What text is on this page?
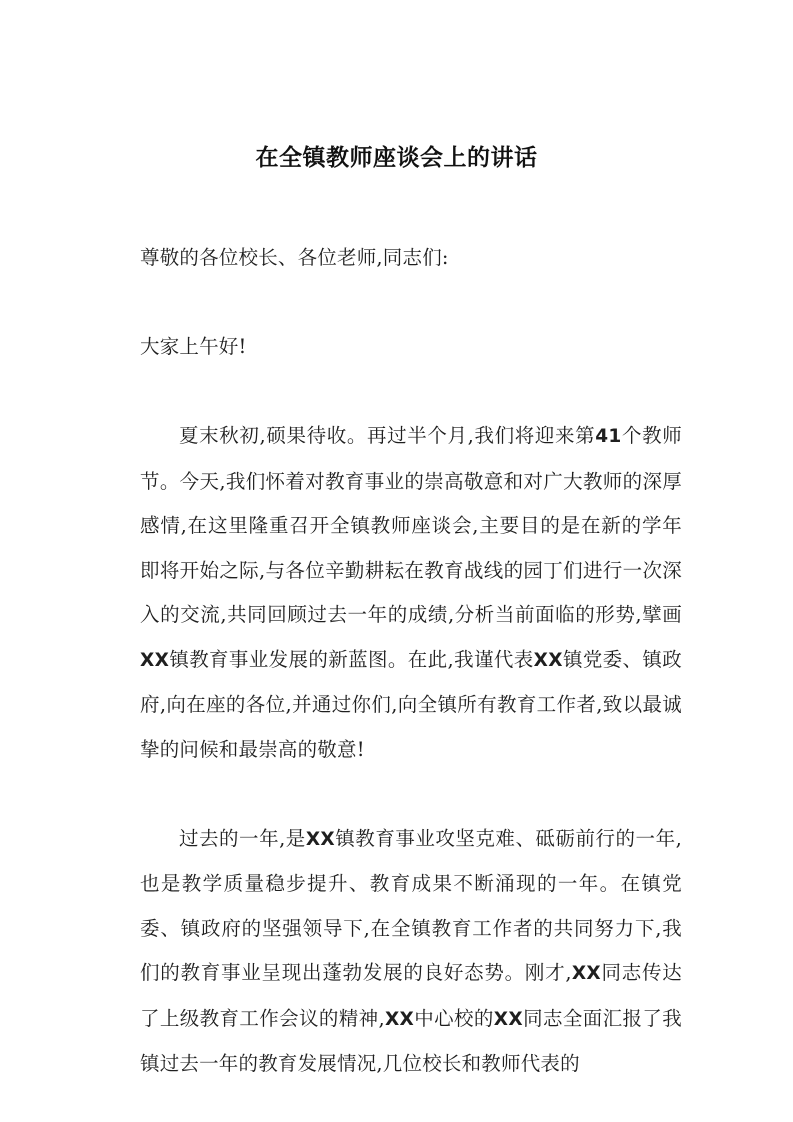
在全镇教师座谈会上的讲话

尊敬的各位校长、各位老师,同志们:

大家上午好!

夏末秋初,硕果待收。再过半个月,我们将迎来第41个教师节。今天,我们怀着对教育事业的崇高敬意和对广大教师的深厚感情,在这里隆重召开全镇教师座谈会,主要目的是在新的学年即将开始之际,与各位辛勤耕耘在教育战线的园丁们进行一次深入的交流,共同回顾过去一年的成绩,分析当前面临的形势,擘画XX镇教育事业发展的新蓝图。在此,我谨代表XX镇党委、镇政府,向在座的各位,并通过你们,向全镇所有教育工作者,致以最诚挚的问候和最崇高的敬意!

过去的一年,是XX镇教育事业攻坚克难、砥砺前行的一年,也是教学质量稳步提升、教育成果不断涌现的一年。在镇党委、镇政府的坚强领导下,在全镇教育工作者的共同努力下,我们的教育事业呈现出蓬勃发展的良好态势。刚才,XX同志传达了上级教育工作会议的精神,XX中心校的XX同志全面汇报了我镇过去一年的教育发展情况,几位校长和教师代表的
